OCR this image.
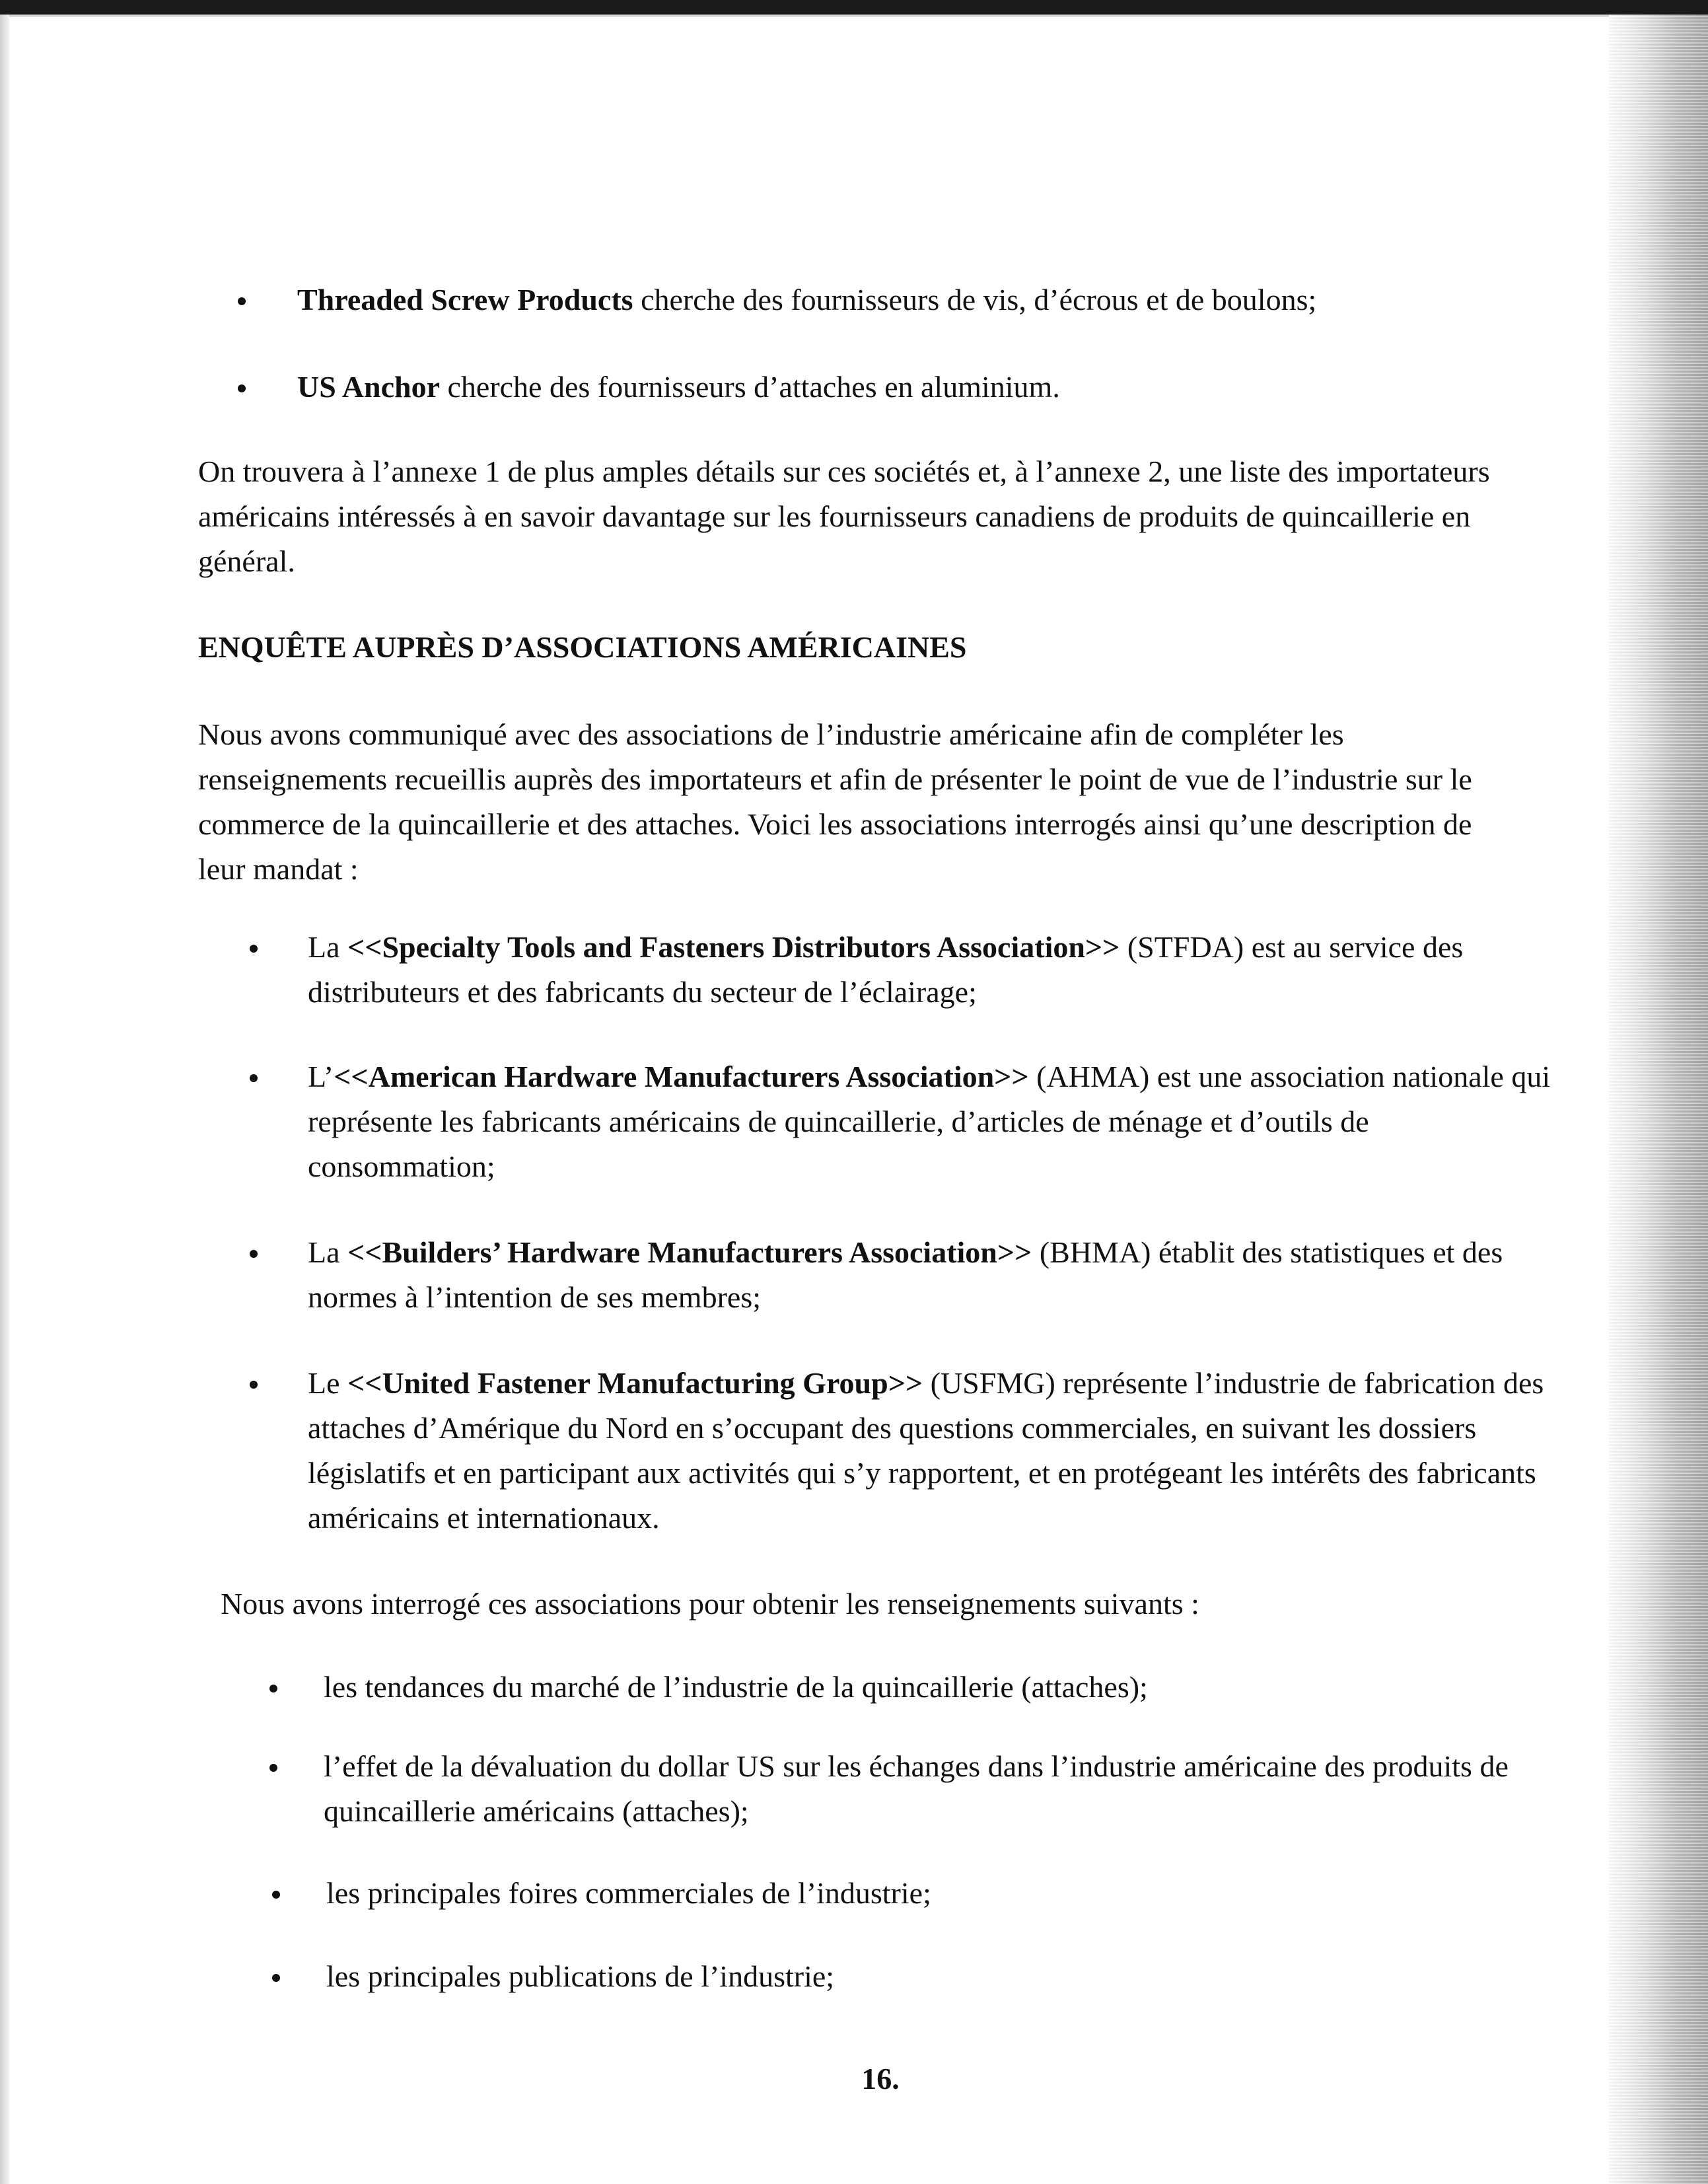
Threaded Screw Products cherche des fournisseurs de vis, d’écrous et de boulons;
US Anchor cherche des fournisseurs d’attaches en aluminium.

On trouvera à l’annexe 1 de plus amples détails sur ces sociétés et, à l’annexe 2, une liste des importateurs américains intéressés à en savoir davantage sur les fournisseurs canadiens de produits de quincaillerie en général.

ENQUÊTE AUPRÈS D’ASSOCIATIONS AMÉRICAINES

Nous avons communiqué avec des associations de l’industrie américaine afin de compléter les renseignements recueillis auprès des importateurs et afin de présenter le point de vue de l’industrie sur le commerce de la quincaillerie et des attaches. Voici les associations interrogés ainsi qu’une description de leur mandat :

La <<Specialty Tools and Fasteners Distributors Association>> (STFDA) est au service des distributeurs et des fabricants du secteur de l’éclairage;
L’<<American Hardware Manufacturers Association>> (AHMA) est une association nationale qui représente les fabricants américains de quincaillerie, d’articles de ménage et d’outils de consommation;
La <<Builders’ Hardware Manufacturers Association>> (BHMA) établit des statistiques et des normes à l’intention de ses membres;
Le <<United Fastener Manufacturing Group>> (USFMG) représente l’industrie de fabrication des attaches d’Amérique du Nord en s’occupant des questions commerciales, en suivant les dossiers législatifs et en participant aux activités qui s’y rapportent, et en protégeant les intérêts des fabricants américains et internationaux.

Nous avons interrogé ces associations pour obtenir les renseignements suivants :

les tendances du marché de l’industrie de la quincaillerie (attaches);
l’effet de la dévaluation du dollar US sur les échanges dans l’industrie américaine des produits de quincaillerie américains (attaches);
les principales foires commerciales de l’industrie;
les principales publications de l’industrie;
16.
